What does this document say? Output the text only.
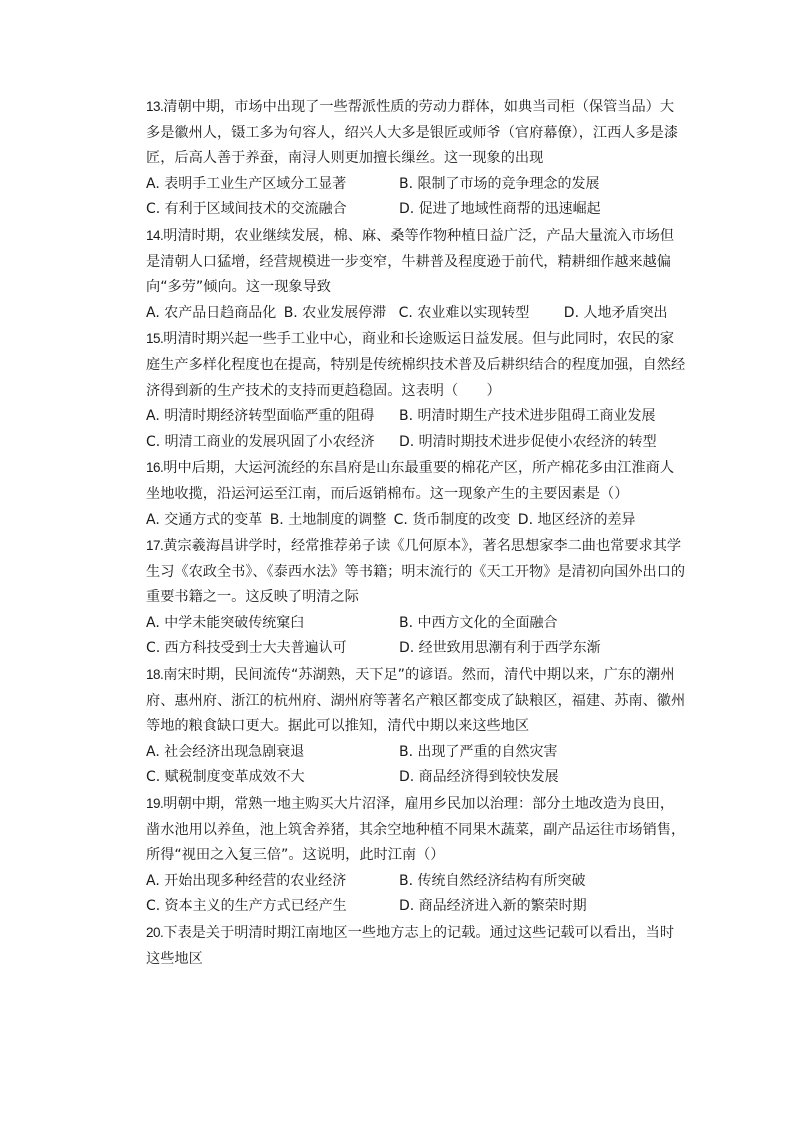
13.清朝中期，市场中出现了一些帮派性质的劳动力群体，如典当司柜（保管当品）大多是徽州人，镊工多为句容人，绍兴人大多是银匠或师爷（官府幕僚），江西人多是漆匠，后高人善于养蚕，南浔人则更加擅长缫丝。这一现象的出现

A. 表明手工业生产区域分工显著	B. 限制了市场的竞争理念的发展
C. 有利于区域间技术的交流融合	D. 促进了地域性商帮的迅速崛起

14.明清时期，农业继续发展，棉、麻、桑等作物种植日益广泛，产品大量流入市场但是清朝人口猛增，经营规模进一步变窄，牛耕普及程度逊于前代，精耕细作越来越偏向“多劳”倾向。这一现象导致

A. 农产品日趋商品化 B. 农业发展停滞 C. 农业难以实现转型 D. 人地矛盾突出

15.明清时期兴起一些手工业中心，商业和长途贩运日益发展。但与此同时，农民的家庭生产多样化程度也在提高，特别是传统棉织技术普及后耕织结合的程度加强，自然经济得到新的生产技术的支持而更趋稳固。这表明（　　）

A. 明清时期经济转型面临严重的阻碍	B. 明清时期生产技术进步阻碍工商业发展
C. 明清工商业的发展巩固了小农经济	D. 明清时期技术进步促使小农经济的转型

16.明中后期，大运河流经的东昌府是山东最重要的棉花产区，所产棉花多由江淮商人坐地收揽，沿运河运至江南，而后返销棉布。这一现象产生的主要因素是（）

A. 交通方式的变革 B. 土地制度的调整 C. 货币制度的改变 D. 地区经济的差异

17.黄宗羲海昌讲学时，经常推荐弟子读《几何原本》，著名思想家李二曲也常要求其学生习《农政全书》、《泰西水法》等书籍；明末流行的《天工开物》是清初向国外出口的重要书籍之一。这反映了明清之际

A. 中学未能突破传统窠臼	B. 中西方文化的全面融合
C. 西方科技受到士大夫普遍认可	D. 经世致用思潮有利于西学东渐

18.南宋时期，民间流传“苏湖熟，天下足”的谚语。然而，清代中期以来，广东的潮州府、惠州府、浙江的杭州府、湖州府等著名产粮区都变成了缺粮区，福建、苏南、徽州等地的粮食缺口更大。据此可以推知，清代中期以来这些地区

A. 社会经济出现急剧衰退	B. 出现了严重的自然灾害
C. 赋税制度变革成效不大	D. 商品经济得到较快发展

19.明朝中期，常熟一地主购买大片沼泽，雇用乡民加以治理：部分土地改造为良田，凿水池用以养鱼，池上筑舍养猪，其余空地种植不同果木蔬菜，副产品运往市场销售，所得“视田之入复三倍”。这说明，此时江南（）

A. 开始出现多种经营的农业经济	B. 传统自然经济结构有所突破
C. 资本主义的生产方式已经产生	D. 商品经济进入新的繁荣时期

20.下表是关于明清时期江南地区一些地方志上的记载。通过这些记载可以看出，当时这些地区
